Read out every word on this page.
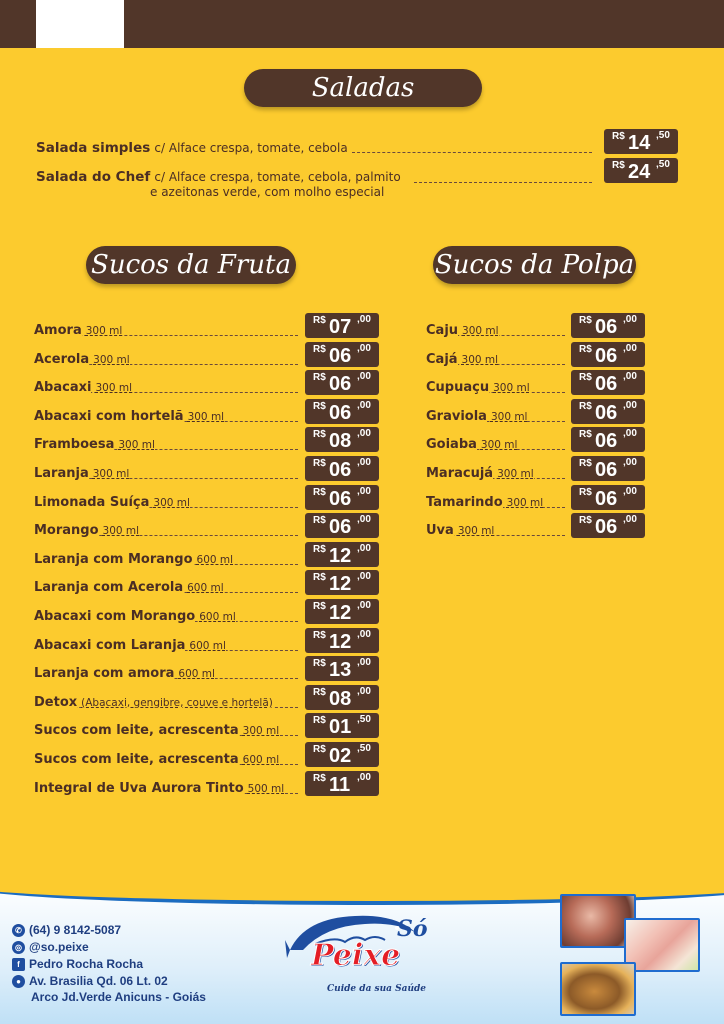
Saladas
Salada simples c/ Alface crespa, tomate, cebola
R$ 14 ,50
Salada do Chef c/ Alface crespa, tomate, cebola, palmito
e azeitonas verde, com molho especial
R$ 24 ,50
Sucos da Fruta	Sucos da Polpa
Amora 300 ml
R$ 07 ,00
Acerola 300 ml
R$ 06 ,00
Abacaxi 300 ml
R$ 06 ,00
Abacaxi com hortelã 300 ml
R$ 06 ,00
Framboesa 300 ml
R$ 08 ,00
Laranja 300 ml
R$ 06 ,00
Limonada Suíça 300 ml
R$ 06 ,00
Morango 300 ml
R$ 06 ,00
Laranja com Morango 600 ml
R$ 12 ,00
Laranja com Acerola 600 ml
R$ 12 ,00
Abacaxi com Morango 600 ml
R$ 12 ,00
Abacaxi com Laranja 600 ml
R$ 12 ,00
Laranja com amora 600 ml
R$ 13 ,00
Detox (Abacaxi, gengibre, couve e hortelã)
R$ 08 ,00
Sucos com leite, acrescenta 300 ml
R$ 01 ,50
Sucos com leite, acrescenta 600 ml
R$ 02 ,50
Integral de Uva Aurora Tinto 500 ml
R$ 11 ,00
Caju 300 ml
R$ 06 ,00
Cajá 300 ml
R$ 06 ,00
Cupuaçu 300 ml
R$ 06 ,00
Graviola 300 ml
R$ 06 ,00
Goiaba 300 ml
R$ 06 ,00
Maracujá 300 ml
R$ 06 ,00
Tamarindo 300 ml
R$ 06 ,00
Uva 300 ml
R$ 06 ,00
✆ (64) 9 8142-5087
◎ @so.peixe
f Pedro Rocha Rocha
● Av. Brasilia Qd. 06 Lt. 02
Arco Jd.Verde Anicuns - Goiás
Só
Peixe
Cuide da sua Saúde
